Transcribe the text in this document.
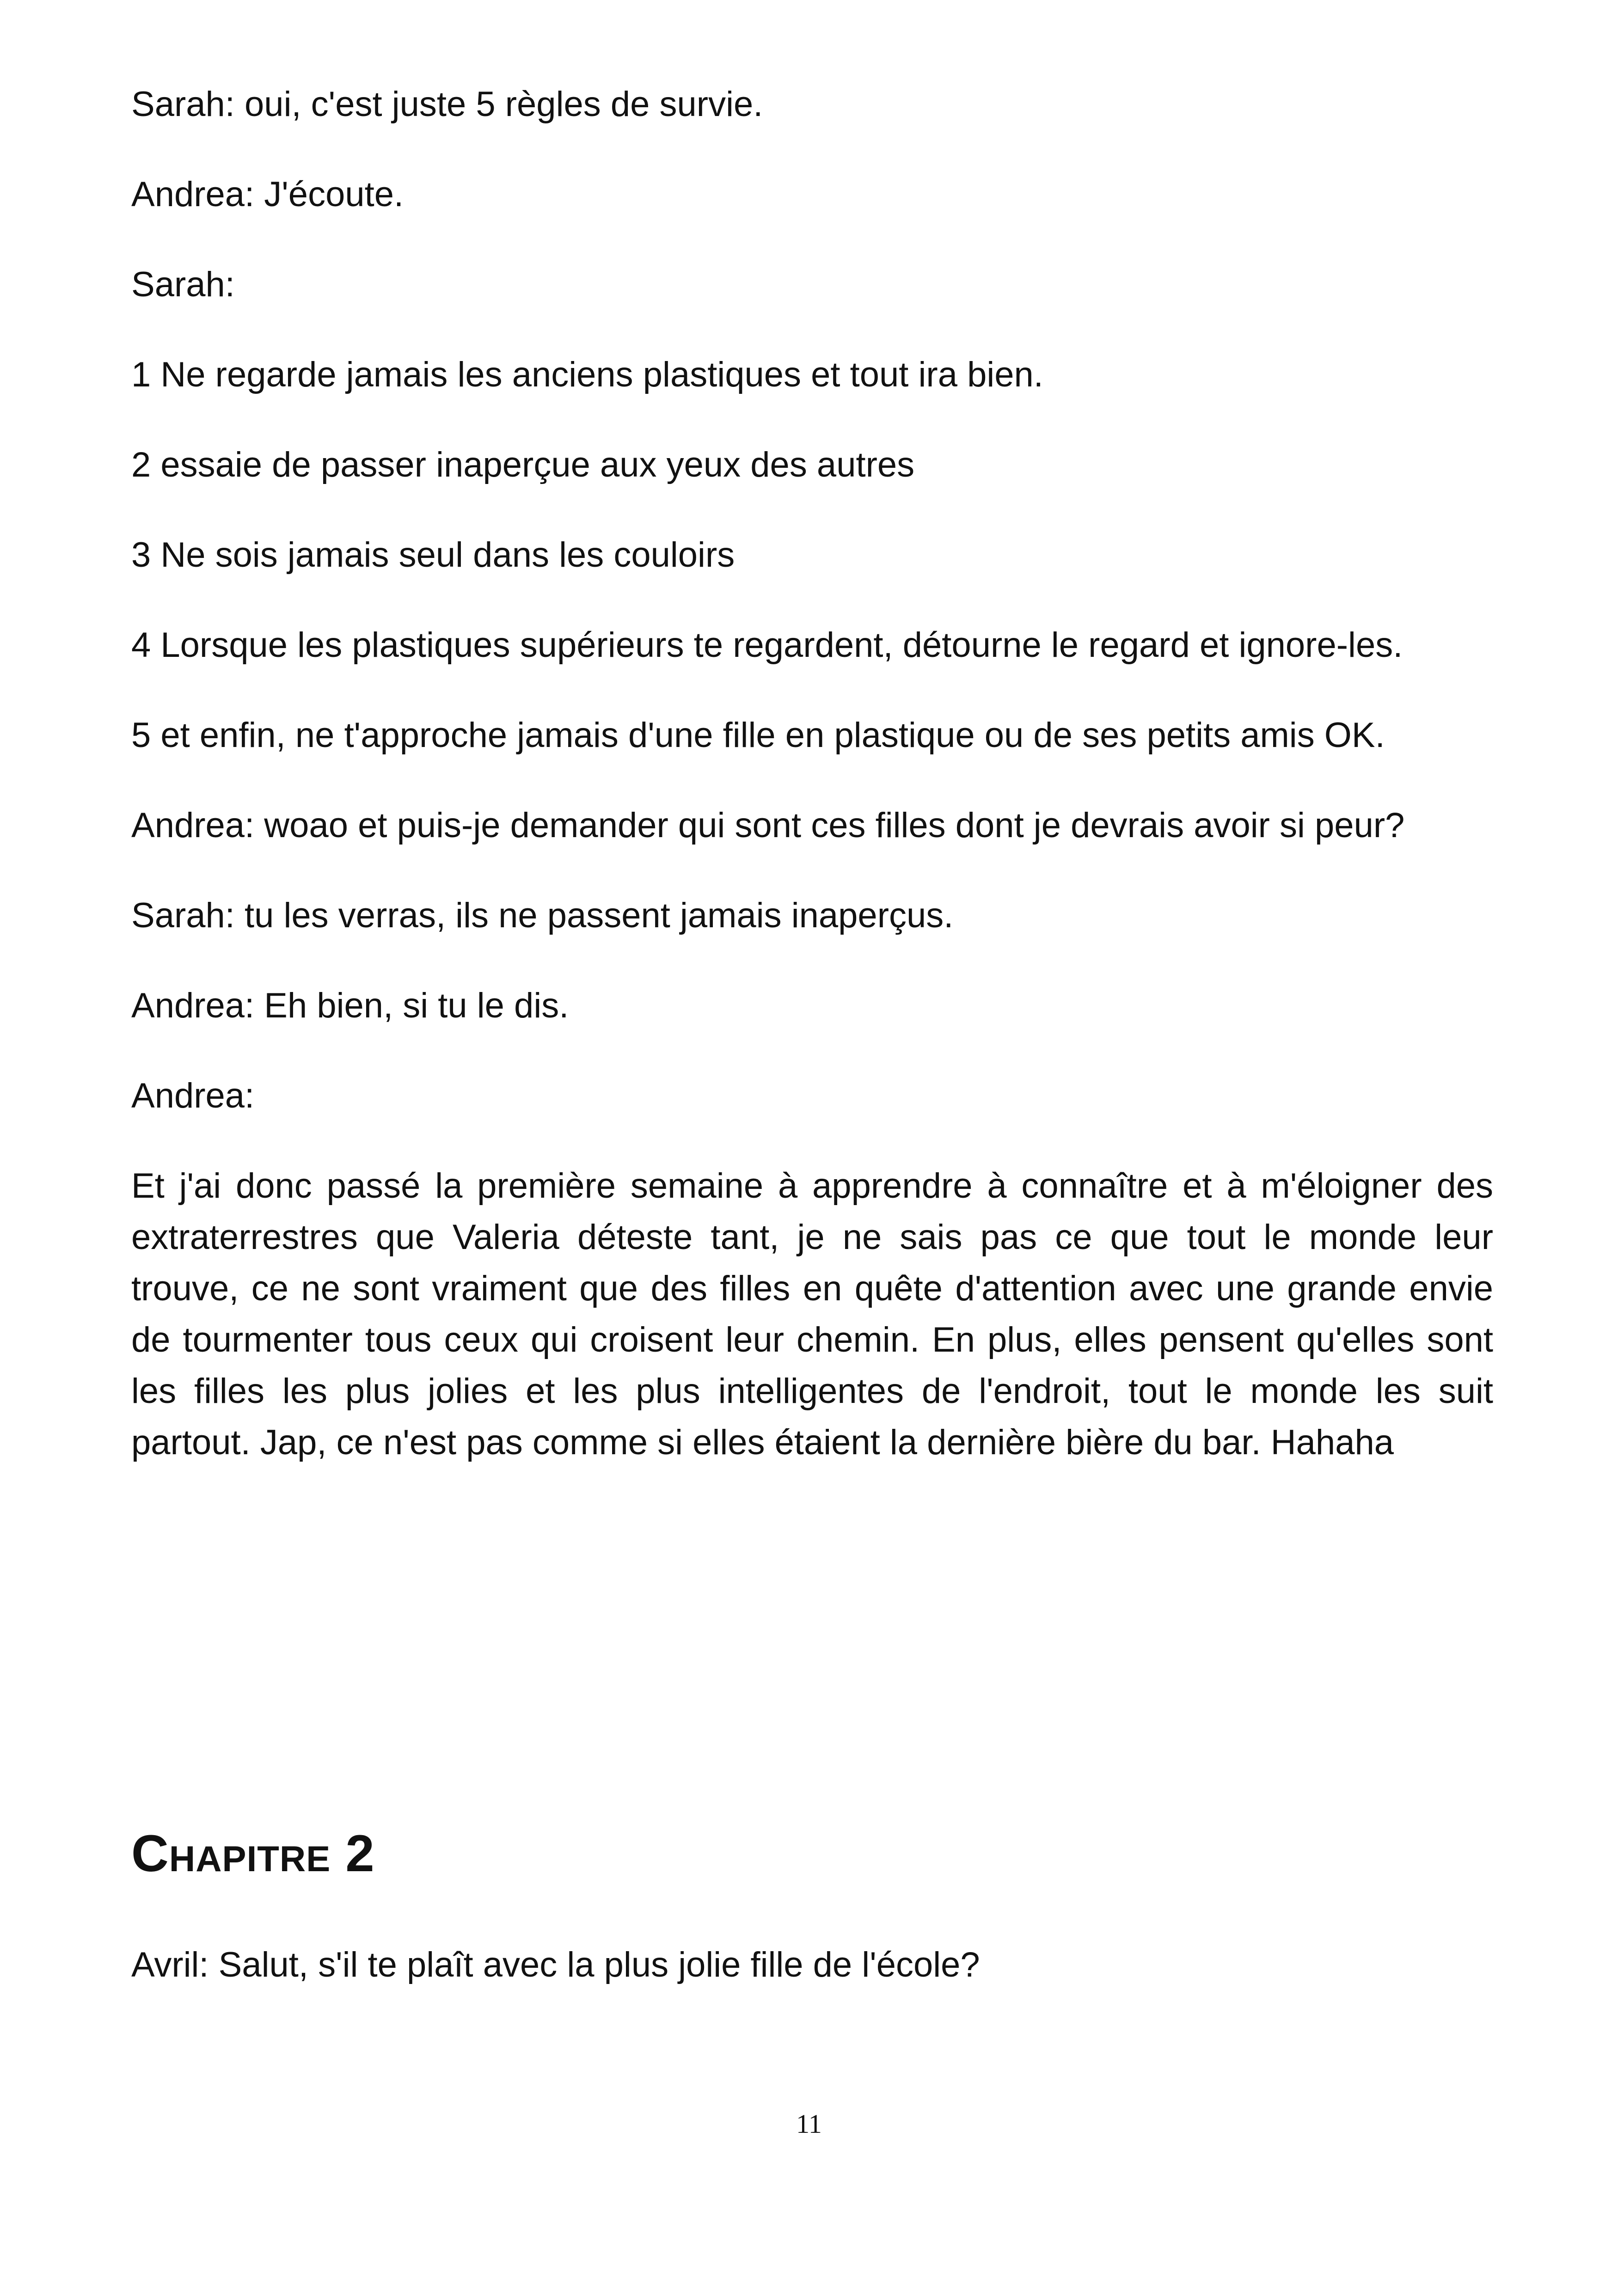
Sarah: oui, c'est juste 5 règles de survie.

Andrea: J'écoute.

Sarah:

1 Ne regarde jamais les anciens plastiques et tout ira bien.

2 essaie de passer inaperçue aux yeux des autres

3 Ne sois jamais seul dans les couloirs

4 Lorsque les plastiques supérieurs te regardent, détourne le regard et ignore-les.

5 et enfin, ne t'approche jamais d'une fille en plastique ou de ses petits amis OK.

Andrea: woao et puis-je demander qui sont ces filles dont je devrais avoir si peur?

Sarah: tu les verras, ils ne passent jamais inaperçus.

Andrea: Eh bien, si tu le dis.

Andrea:

Et j'ai donc passé la première semaine à apprendre à connaître et à m'éloigner des extraterrestres que Valeria déteste tant, je ne sais pas ce que tout le monde leur trouve, ce ne sont vraiment que des filles en quête d'attention avec une grande envie de tourmenter tous ceux qui croisent leur chemin. En plus, elles pensent qu'elles sont les filles les plus jolies et les plus intelligentes de l'endroit, tout le monde les suit partout. Jap, ce n'est pas comme si elles étaient la dernière bière du bar. Hahaha

Chapitre 2

Avril: Salut, s'il te plaît avec la plus jolie fille de l'école?

11
